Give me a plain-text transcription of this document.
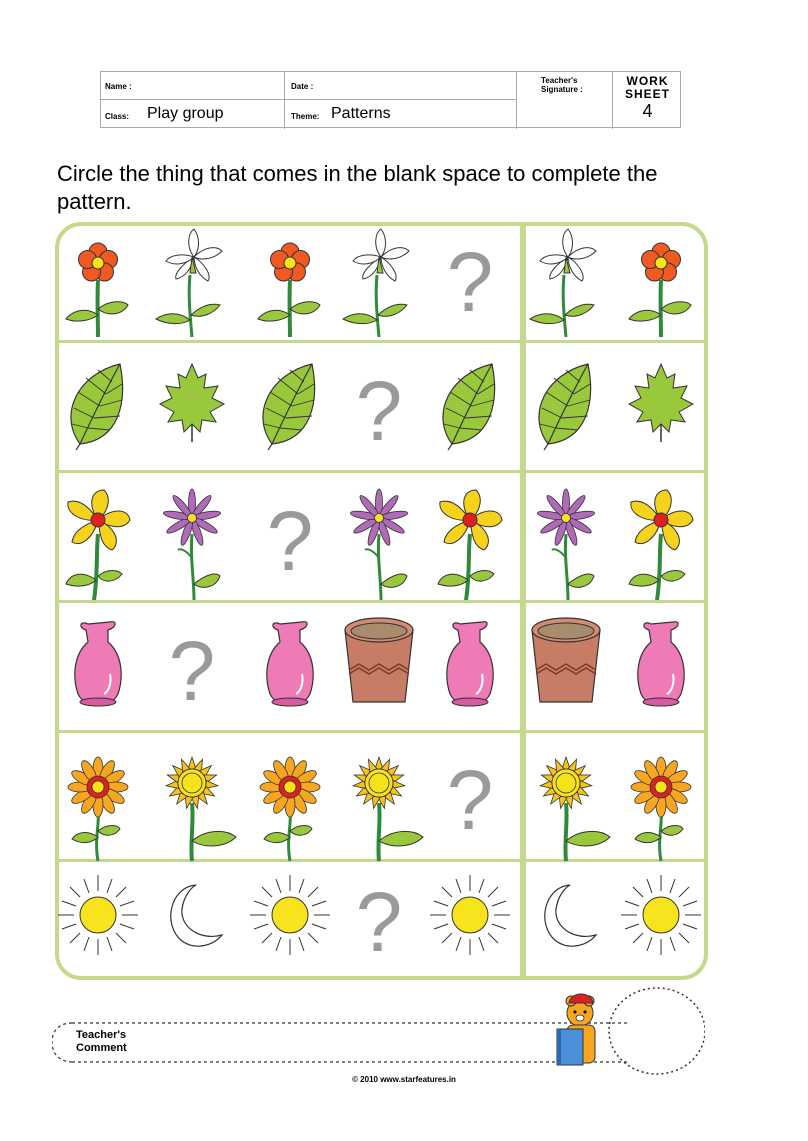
Name :	Date :
Teacher's
Signature :
WORK
SHEET
4
Class: Play group	Theme: Patterns
Circle the thing that comes in the blank space to complete the pattern.
?
?
?
?
?
?
Teacher's
Comment
© 2010 www.starfeatures.in
